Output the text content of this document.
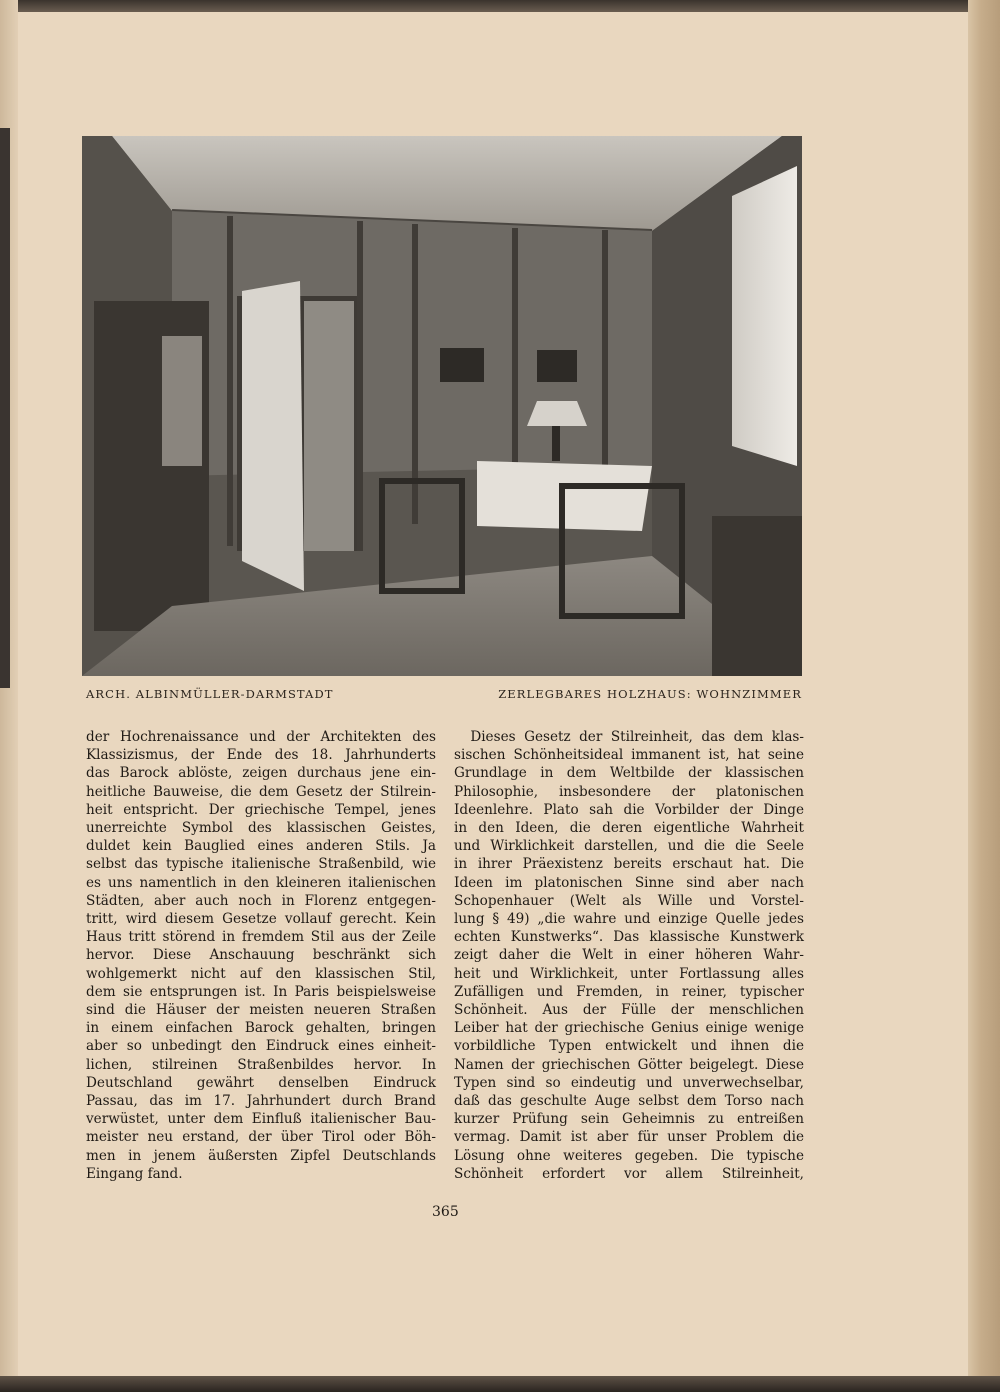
ARCH. ALBINMÜLLER-DARMSTADT	ZERLEGBARES HOLZHAUS: WOHNZIMMER
der Hochrenaissance und der Architekten des
Klassizismus, der Ende des 18. Jahrhunderts
das Barock ablöste, zeigen durchaus jene ein-
heitliche Bauweise, die dem Gesetz der Stilrein-
heit entspricht. Der griechische Tempel, jenes
unerreichte Symbol des klassischen Geistes,
duldet kein Bauglied eines anderen Stils. Ja
selbst das typische italienische Straßenbild, wie
es uns namentlich in den kleineren italienischen
Städten, aber auch noch in Florenz entgegen-
tritt, wird diesem Gesetze vollauf gerecht. Kein
Haus tritt störend in fremdem Stil aus der Zeile
hervor. Diese Anschauung beschränkt sich
wohlgemerkt nicht auf den klassischen Stil,
dem sie entsprungen ist. In Paris beispielsweise
sind die Häuser der meisten neueren Straßen
in einem einfachen Barock gehalten, bringen
aber so unbedingt den Eindruck eines einheit-
lichen, stilreinen Straßenbildes hervor. In
Deutschland gewährt denselben Eindruck
Passau, das im 17. Jahrhundert durch Brand
verwüstet, unter dem Einfluß italienischer Bau-
meister neu erstand, der über Tirol oder Böh-
men in jenem äußersten Zipfel Deutschlands
Eingang fand.
Dieses Gesetz der Stilreinheit, das dem klas-
sischen Schönheitsideal immanent ist, hat seine
Grundlage in dem Weltbilde der klassischen
Philosophie, insbesondere der platonischen
Ideenlehre. Plato sah die Vorbilder der Dinge
in den Ideen, die deren eigentliche Wahrheit
und Wirklichkeit darstellen, und die die Seele
in ihrer Präexistenz bereits erschaut hat. Die
Ideen im platonischen Sinne sind aber nach
Schopenhauer (Welt als Wille und Vorstel-
lung § 49) „die wahre und einzige Quelle jedes
echten Kunstwerks“. Das klassische Kunstwerk
zeigt daher die Welt in einer höheren Wahr-
heit und Wirklichkeit, unter Fortlassung alles
Zufälligen und Fremden, in reiner, typischer
Schönheit. Aus der Fülle der menschlichen
Leiber hat der griechische Genius einige wenige
vorbildliche Typen entwickelt und ihnen die
Namen der griechischen Götter beigelegt. Diese
Typen sind so eindeutig und unverwechselbar,
daß das geschulte Auge selbst dem Torso nach
kurzer Prüfung sein Geheimnis zu entreißen
vermag. Damit ist aber für unser Problem die
Lösung ohne weiteres gegeben. Die typische
Schönheit erfordert vor allem Stilreinheit,
365
